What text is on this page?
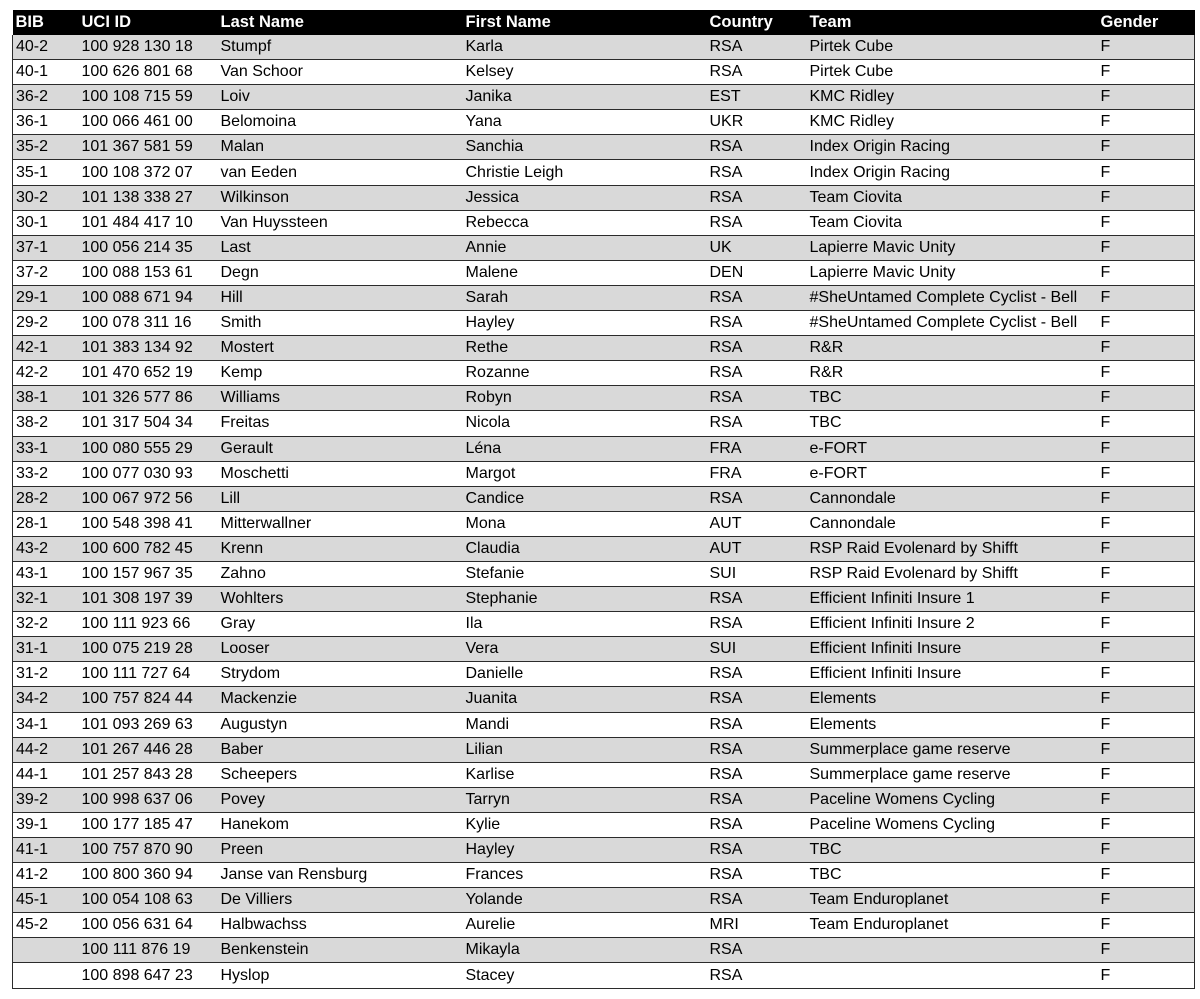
BIB	UCI ID	Last Name	First Name	Country	Team	Gender
40-2	100 928 130 18	Stumpf	Karla	RSA	Pirtek Cube	F
40-1	100 626 801 68	Van Schoor	Kelsey	RSA	Pirtek Cube	F
36-2	100 108 715 59	Loiv	Janika	EST	KMC Ridley	F
36-1	100 066 461 00	Belomoina	Yana	UKR	KMC Ridley	F
35-2	101 367 581 59	Malan	Sanchia	RSA	Index Origin Racing	F
35-1	100 108 372 07	van Eeden	Christie Leigh	RSA	Index Origin Racing	F
30-2	101 138 338 27	Wilkinson	Jessica	RSA	Team Ciovita	F
30-1	101 484 417 10	Van Huyssteen	Rebecca	RSA	Team Ciovita	F
37-1	100 056 214 35	Last	Annie	UK	Lapierre Mavic Unity	F
37-2	100 088 153 61	Degn	Malene	DEN	Lapierre Mavic Unity	F
29-1	100 088 671 94	Hill	Sarah	RSA	#SheUntamed Complete Cyclist - Bell	F
29-2	100 078 311 16	Smith	Hayley	RSA	#SheUntamed Complete Cyclist - Bell	F
42-1	101 383 134 92	Mostert	Rethe	RSA	R&R	F
42-2	101 470 652 19	Kemp	Rozanne	RSA	R&R	F
38-1	101 326 577 86	Williams	Robyn	RSA	TBC	F
38-2	101 317 504 34	Freitas	Nicola	RSA	TBC	F
33-1	100 080 555 29	Gerault	Léna	FRA	e-FORT	F
33-2	100 077 030 93	Moschetti	Margot	FRA	e-FORT	F
28-2	100 067 972 56	Lill	Candice	RSA	Cannondale	F
28-1	100 548 398 41	Mitterwallner	Mona	AUT	Cannondale	F
43-2	100 600 782 45	Krenn	Claudia	AUT	RSP Raid Evolenard by Shifft	F
43-1	100 157 967 35	Zahno	Stefanie	SUI	RSP Raid Evolenard by Shifft	F
32-1	101 308 197 39	Wohlters	Stephanie	RSA	Efficient Infiniti Insure 1	F
32-2	100 111 923 66	Gray	Ila	RSA	Efficient Infiniti Insure 2	F
31-1	100 075 219 28	Looser	Vera	SUI	Efficient Infiniti Insure	F
31-2	100 111 727 64	Strydom	Danielle	RSA	Efficient Infiniti Insure	F
34-2	100 757 824 44	Mackenzie	Juanita	RSA	Elements	F
34-1	101 093 269 63	Augustyn	Mandi	RSA	Elements	F
44-2	101 267 446 28	Baber	Lilian	RSA	Summerplace game reserve	F
44-1	101 257 843 28	Scheepers	Karlise	RSA	Summerplace game reserve	F
39-2	100 998 637 06	Povey	Tarryn	RSA	Paceline Womens Cycling	F
39-1	100 177 185 47	Hanekom	Kylie	RSA	Paceline Womens Cycling	F
41-1	100 757 870 90	Preen	Hayley	RSA	TBC	F
41-2	100 800 360 94	Janse van Rensburg	Frances	RSA	TBC	F
45-1	100 054 108 63	De Villiers	Yolande	RSA	Team Enduroplanet	F
45-2	100 056 631 64	Halbwachss	Aurelie	MRI	Team Enduroplanet	F
	100 111 876 19	Benkenstein	Mikayla	RSA		F
	100 898 647 23	Hyslop	Stacey	RSA		F
